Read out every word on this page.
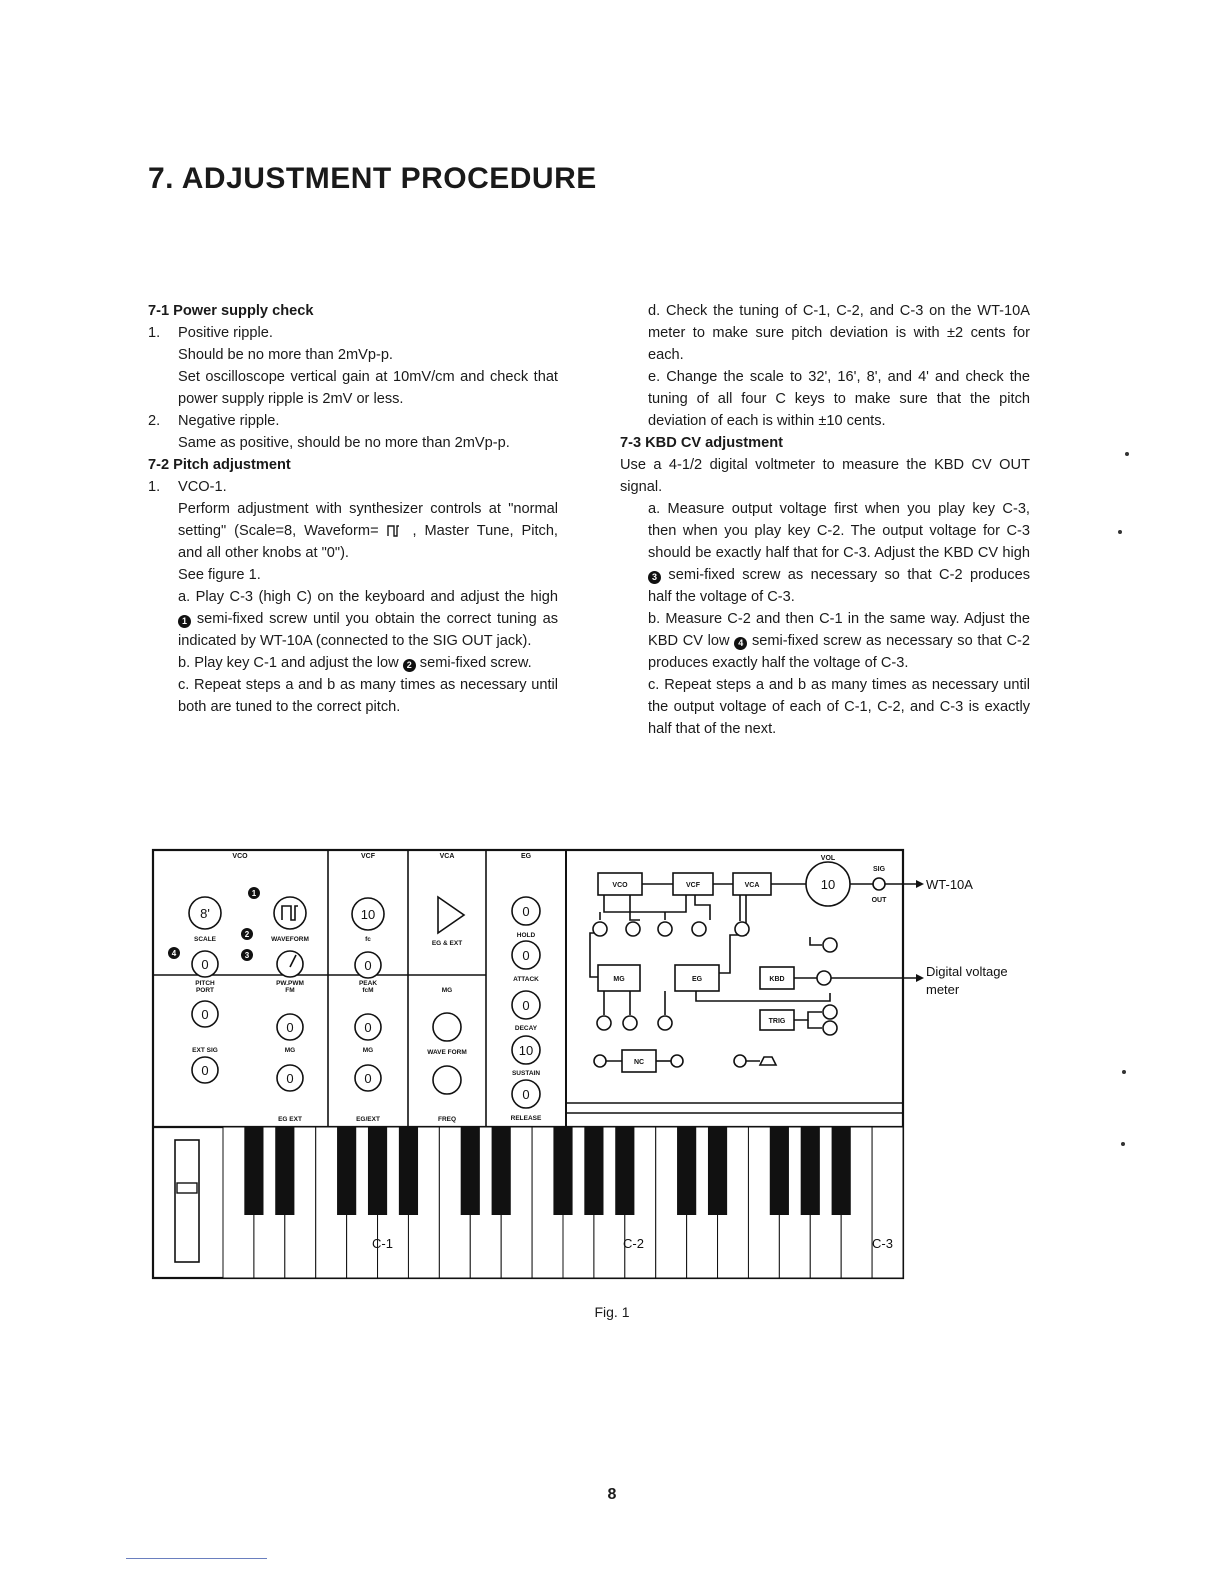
7. ADJUSTMENT PROCEDURE

7-1 Power supply check

1.	Positive ripple.

Should be no more than 2mVp-p.

Set oscilloscope vertical gain at 10mV/cm and check that power supply ripple is 2mV or less.

2.	Negative ripple.

Same as positive, should be no more than 2mVp-p.

7-2 Pitch adjustment

1.	VCO-1.

Perform adjustment with synthesizer controls at "normal setting" (Scale=8, Waveform= , Master Tune, Pitch, and all other knobs at "0").

See figure 1.

a. Play C-3 (high C) on the keyboard and adjust the high 1 semi-fixed screw until you obtain the correct tuning as indicated by WT-10A (connected to the SIG OUT jack).

b. Play key C-1 and adjust the low 2 semi-fixed screw.

c. Repeat steps a and b as many times as necessary until both are tuned to the correct pitch.

d. Check the tuning of C-1, C-2, and C-3 on the WT-10A meter to make sure pitch deviation is with ±2 cents for each.

e. Change the scale to 32', 16', 8', and 4' and check the tuning of all four C keys to make sure that the pitch deviation of each is within ±10 cents.

7-3 KBD CV adjustment

Use a 4-1/2 digital voltmeter to measure the KBD CV OUT signal.

a. Measure output voltage first when you play key C-3, then when you play key C-2. The output voltage for C-3 should be exactly half that for C-3. Adjust the KBD CV high 3 semi-fixed screw as necessary so that C-2 produces half the voltage of C-3.

b. Measure C-2 and then C-1 in the same way. Adjust the KBD CV low 4 semi-fixed screw as necessary so that C-2 produces exactly half the voltage of C-3.

c. Repeat steps a and b as many times as necessary until the output voltage of each of C-1, C-2, and C-3 is exactly half that of the next.

VCO	VCF	VCA	EG
8'
0
10
0
0
0
0
10
0
0
0
0
0
0
0
SCALE	WAVEFORM
PITCH	PW.PWM
fc
PEAK
EG & EXT
HOLD
ATTACK
DECAY
SUSTAIN
RELEASE
PORT
EXT SIG
FM
MG
EG EXT
fcM
MG
EG/EXT
MG
WAVE FORM
FREQ
1
2
3
4
VCO	VCF	VCA
VOL
SIG
OUT
MG	EG	KBD
TRIG
NC
10	WT-10A
Digital voltage
meter
C-1	C-2	C-3

Fig. 1

8
